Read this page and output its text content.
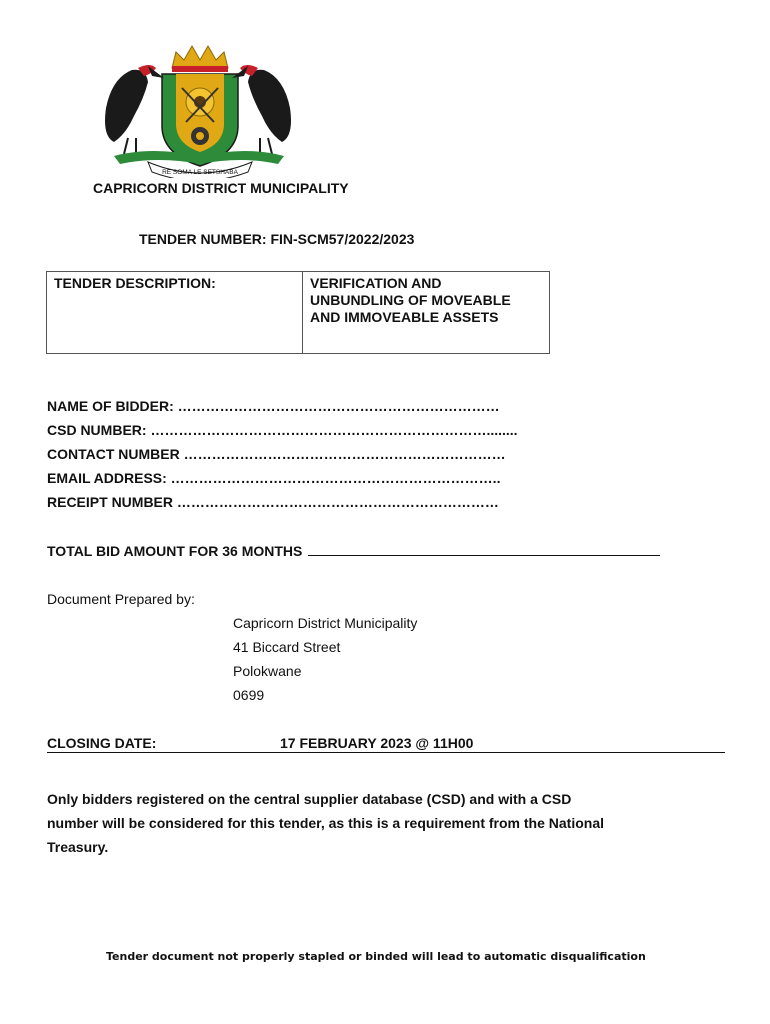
RE SOMA LE SETSHABA
CAPRICORN DISTRICT MUNICIPALITY
TENDER NUMBER: FIN-SCM57/2022/2023
TENDER DESCRIPTION:	VERIFICATION AND
UNBUNDLING OF MOVEABLE
AND IMMOVEABLE ASSETS
NAME OF BIDDER: ……………………………………………………………
CSD NUMBER: ………………………………………………………………........
CONTACT NUMBER ……………………………………………………………
EMAIL ADDRESS: ……………………………………………………………..
RECEIPT NUMBER ……………………………………………………………
TOTAL BID AMOUNT FOR 36 MONTHS
Document Prepared by:
Capricorn District Municipality
41 Biccard Street
Polokwane
0699
CLOSING DATE:	17 FEBRUARY 2023 @ 11H00
Only bidders registered on the central supplier database (CSD) and with a CSD
number will be considered for this tender, as this is a requirement from the National
Treasury.
Tender document not properly stapled or binded will lead to automatic disqualification
